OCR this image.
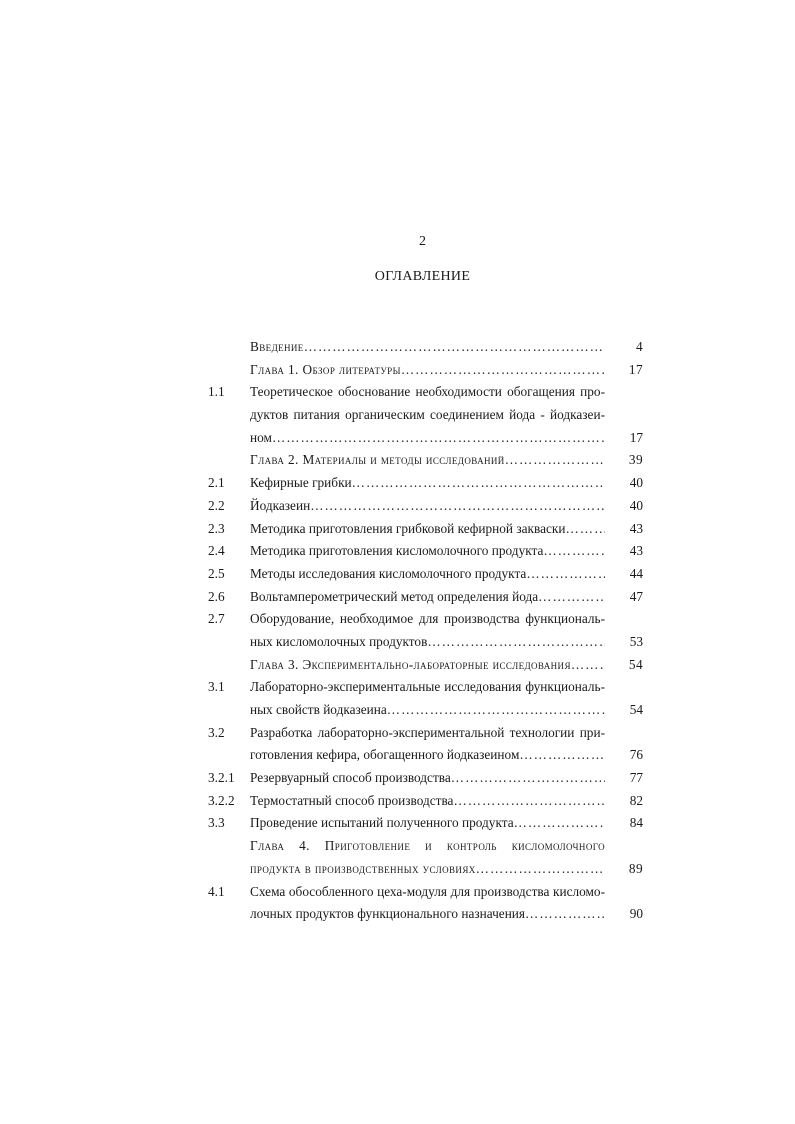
2
ОГЛАВЛЕНИЕ
Введение ……………………………………………………………………………………………………………	4
Глава 1. Обзор литературы ……………………………………………………………………………………………………………	17
1.1	Теоретическое обоснование необходимости обогащения про-
дуктов питания органическим соединением йода - йодказеи-
ном ……………………………………………………………………………………………………………	17
Глава 2. Материалы и методы исследований ……………………………………………………………………………………………………………	39
2.1	Кефирные грибки ……………………………………………………………………………………………………………	40
2.2	Йодказеин ……………………………………………………………………………………………………………	40
2.3	Методика приготовления грибковой кефирной закваски ……………………………………………………………………………………………………………	43
2.4	Методика приготовления кисломолочного продукта ……………………………………………………………………………………………………………	43
2.5	Методы исследования кисломолочного продукта ……………………………………………………………………………………………………………	44
2.6	Вольтамперометрический метод определения йода ……………………………………………………………………………………………………………	47
2.7	Оборудование, необходимое для производства функциональ-
ных кисломолочных продуктов ……………………………………………………………………………………………………………	53
Глава 3. Экспериментально-лабораторные исследования ……………………………………………………………………………………………………………	54
3.1	Лабораторно-экспериментальные исследования функциональ-
ных свойств йодказеина ……………………………………………………………………………………………………………	54
3.2	Разработка лабораторно-экспериментальной технологии при-
готовления кефира, обогащенного йодказеином ……………………………………………………………………………………………………………	76
3.2.1	Резервуарный способ производства ……………………………………………………………………………………………………………	77
3.2.2	Термостатный способ производства ……………………………………………………………………………………………………………	82
3.3	Проведение испытаний полученного продукта ……………………………………………………………………………………………………………	84
Глава 4. Приготовление и контроль кисломолочного
продукта в производственных условиях ……………………………………………………………………………………………………………	89
4.1	Схема обособленного цеха-модуля для производства кисломо-
лочных продуктов функционального назначения ……………………………………………………………………………………………………………	90
